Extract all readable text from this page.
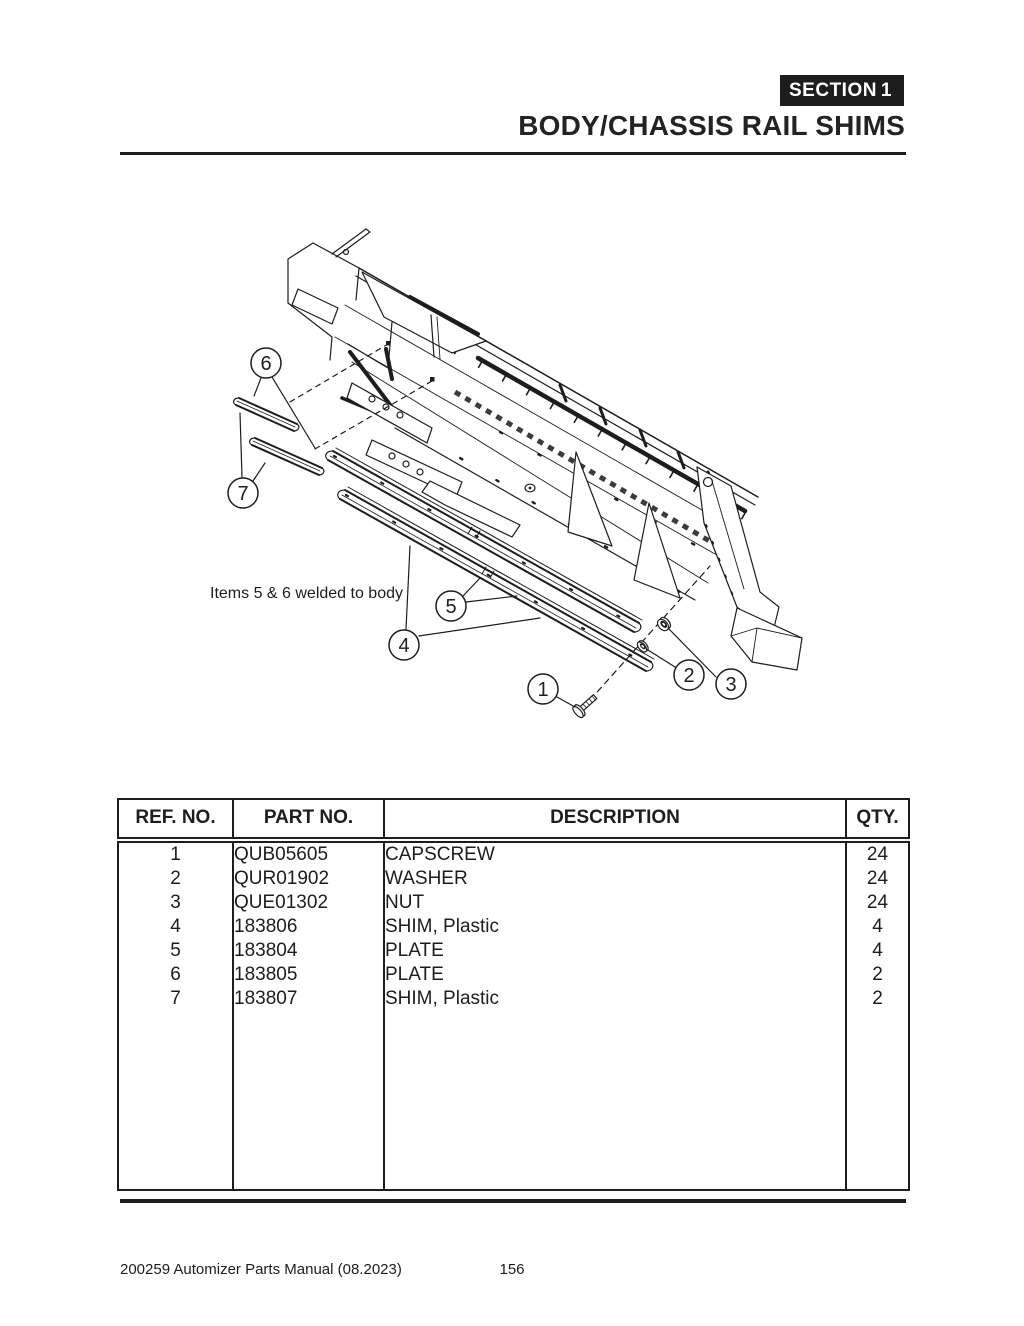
SECTION 1
BODY/CHASSIS RAIL SHIMS
1
2 3
4
5
6
7
Items 5 & 6 welded to body
REF. NO.	PART NO.	DESCRIPTION	QTY.
1	QUB05605	CAPSCREW	24
2	QUR01902	WASHER	24
3	QUE01302	NUT	24
4	183806	SHIM, Plastic	4
5	183804	PLATE	4
6	183805	PLATE	2
7	183807	SHIM, Plastic	2

156
200259 Automizer Parts Manual (08.2023)
